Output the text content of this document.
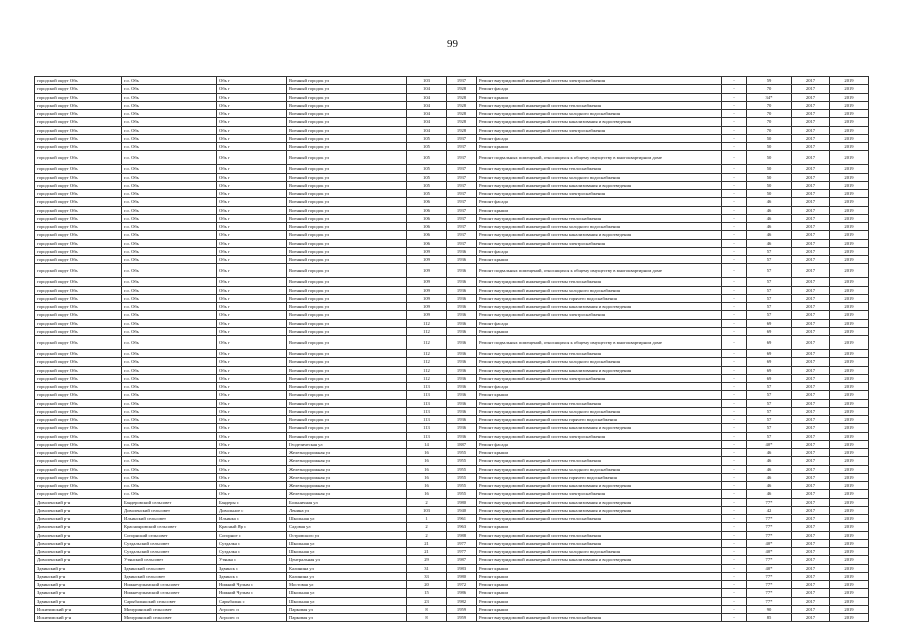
99
городской округ Обь	г.о. Обь	Обь г	Военный городок ул	103	1937	Ремонт внутридомовой инженерной системы электроснабжения	-	59	2017	2019
городской округ Обь	г.о. Обь	Обь г	Военный городок ул	104	1928	Ремонт фасада	-	70	2017	2019
городской округ Обь	г.о. Обь	Обь г	Военный городок ул	104	1928	Ремонт крыши	-	34*	2017	2019
городской округ Обь	г.о. Обь	Обь г	Военный городок ул	104	1928	Ремонт внутридомовой инженерной системы теплоснабжения	-	70	2017	2019
городской округ Обь	г.о. Обь	Обь г	Военный городок ул	104	1928	Ремонт внутридомовой инженерной системы холодного водоснабжения	-	70	2017	2019
городской округ Обь	г.о. Обь	Обь г	Военный городок ул	104	1928	Ремонт внутридомовой инженерной системы канализования и водоотведения	-	70	2017	2019
городской округ Обь	г.о. Обь	Обь г	Военный городок ул	104	1928	Ремонт внутридомовой инженерной системы электроснабжения	-	70	2017	2019
городской округ Обь	г.о. Обь	Обь г	Военный городок ул	105	1937	Ремонт фасада	-	50	2017	2019
городской округ Обь	г.о. Обь	Обь г	Военный городок ул	105	1937	Ремонт крыши	-	50	2017	2019
городской округ Обь	г.о. Обь	Обь г	Военный городок ул	105	1937	Ремонт подвальных помещений, относящихся к общему имуществу в многоквартирном доме	-	50	2017	2019
городской округ Обь	г.о. Обь	Обь г	Военный городок ул	105	1937	Ремонт внутридомовой инженерной системы теплоснабжения	-	50	2017	2019
городской округ Обь	г.о. Обь	Обь г	Военный городок ул	105	1937	Ремонт внутридомовой инженерной системы холодного водоснабжения	-	50	2017	2019
городской округ Обь	г.о. Обь	Обь г	Военный городок ул	105	1937	Ремонт внутридомовой инженерной системы канализования и водоотведения	-	50	2017	2019
городской округ Обь	г.о. Обь	Обь г	Военный городок ул	105	1937	Ремонт внутридомовой инженерной системы электроснабжения	-	50	2017	2019
городской округ Обь	г.о. Обь	Обь г	Военный городок ул	106	1937	Ремонт фасада	-	46	2017	2019
городской округ Обь	г.о. Обь	Обь г	Военный городок ул	106	1937	Ремонт крыши	-	46	2017	2019
городской округ Обь	г.о. Обь	Обь г	Военный городок ул	106	1937	Ремонт внутридомовой инженерной системы теплоснабжения	-	46	2017	2019
городской округ Обь	г.о. Обь	Обь г	Военный городок ул	106	1937	Ремонт внутридомовой инженерной системы холодного водоснабжения	-	46	2017	2019
городской округ Обь	г.о. Обь	Обь г	Военный городок ул	106	1937	Ремонт внутридомовой инженерной системы канализования и водоотведения	-	46	2017	2019
городской округ Обь	г.о. Обь	Обь г	Военный городок ул	106	1937	Ремонт внутридомовой инженерной системы электроснабжения	-	46	2017	2019
городской округ Обь	г.о. Обь	Обь г	Военный городок ул	109	1936	Ремонт фасада	-	57	2017	2019
городской округ Обь	г.о. Обь	Обь г	Военный городок ул	109	1936	Ремонт крыши	-	57	2017	2019
городской округ Обь	г.о. Обь	Обь г	Военный городок ул	109	1936	Ремонт подвальных помещений, относящихся к общему имуществу в многоквартирном доме	-	57	2017	2019
городской округ Обь	г.о. Обь	Обь г	Военный городок ул	109	1936	Ремонт внутридомовой инженерной системы теплоснабжения	-	57	2017	2019
городской округ Обь	г.о. Обь	Обь г	Военный городок ул	109	1936	Ремонт внутридомовой инженерной системы холодного водоснабжения	-	57	2017	2019
городской округ Обь	г.о. Обь	Обь г	Военный городок ул	109	1936	Ремонт внутридомовой инженерной системы горячего водоснабжения	-	57	2017	2019
городской округ Обь	г.о. Обь	Обь г	Военный городок ул	109	1936	Ремонт внутридомовой инженерной системы канализования и водоотведения	-	57	2017	2019
городской округ Обь	г.о. Обь	Обь г	Военный городок ул	109	1936	Ремонт внутридомовой инженерной системы электроснабжения	-	57	2017	2019
городской округ Обь	г.о. Обь	Обь г	Военный городок ул	112	1936	Ремонт фасада	-	69	2017	2019
городской округ Обь	г.о. Обь	Обь г	Военный городок ул	112	1936	Ремонт крыши	-	69	2017	2019
городской округ Обь	г.о. Обь	Обь г	Военный городок ул	112	1936	Ремонт подвальных помещений, относящихся к общему имуществу в многоквартирном доме	-	69	2017	2019
городской округ Обь	г.о. Обь	Обь г	Военный городок ул	112	1936	Ремонт внутридомовой инженерной системы теплоснабжения	-	69	2017	2019
городской округ Обь	г.о. Обь	Обь г	Военный городок ул	112	1936	Ремонт внутридомовой инженерной системы холодного водоснабжения	-	69	2017	2019
городской округ Обь	г.о. Обь	Обь г	Военный городок ул	112	1936	Ремонт внутридомовой инженерной системы канализования и водоотведения	-	69	2017	2019
городской округ Обь	г.о. Обь	Обь г	Военный городок ул	112	1936	Ремонт внутридомовой инженерной системы электроснабжения	-	69	2017	2019
городской округ Обь	г.о. Обь	Обь г	Военный городок ул	113	1936	Ремонт фасада	-	57	2017	2019
городской округ Обь	г.о. Обь	Обь г	Военный городок ул	113	1936	Ремонт крыши	-	57	2017	2019
городской округ Обь	г.о. Обь	Обь г	Военный городок ул	113	1936	Ремонт внутридомовой инженерной системы теплоснабжения	-	57	2017	2019
городской округ Обь	г.о. Обь	Обь г	Военный городок ул	113	1936	Ремонт внутридомовой инженерной системы холодного водоснабжения	-	57	2017	2019
городской округ Обь	г.о. Обь	Обь г	Военный городок ул	113	1936	Ремонт внутридомовой инженерной системы горячего водоснабжения	-	57	2017	2019
городской округ Обь	г.о. Обь	Обь г	Военный городок ул	113	1936	Ремонт внутридомовой инженерной системы канализования и водоотведения	-	57	2017	2019
городской округ Обь	г.о. Обь	Обь г	Военный городок ул	113	1936	Ремонт внутридомовой инженерной системы электроснабжения	-	57	2017	2019
городской округ Обь	г.о. Обь	Обь г	Геодезическая ул	14	1887	Ремонт фасада	-	40*	2017	2019
городской округ Обь	г.о. Обь	Обь г	Железнодорожная ул	16	1955	Ремонт крыши	-	46	2017	2019
городской округ Обь	г.о. Обь	Обь г	Железнодорожная ул	16	1955	Ремонт внутридомовой инженерной системы теплоснабжения	-	46	2017	2019
городской округ Обь	г.о. Обь	Обь г	Железнодорожная ул	16	1955	Ремонт внутридомовой инженерной системы холодного водоснабжения	-	46	2017	2019
городской округ Обь	г.о. Обь	Обь г	Железнодорожная ул	16	1955	Ремонт внутридомовой инженерной системы горячего водоснабжения	-	46	2017	2019
городской округ Обь	г.о. Обь	Обь г	Железнодорожная ул	16	1955	Ремонт внутридомовой инженерной системы канализования и водоотведения	-	46	2017	2019
городской округ Обь	г.о. Обь	Обь г	Железнодорожная ул	16	1955	Ремонт внутридомовой инженерной системы электроснабжения	-	46	2017	2019
Доволенский р-н	Баядеровский сельсовет	Баядеры с	Больничная ул	2	1980	Ремонт внутридомовой инженерной системы канализования и водоотведения	-	77*	2017	2019
Доволенский р-н	Доволенский сельсовет	Довольное с	Ленина ул	103	1940	Ремонт внутридомовой инженерной системы канализования и водоотведения	-	42	2017	2019
Доволенский р-н	Ильинский сельсовет	Ильинка с	Школьная ул	1	1961	Ремонт внутридомовой инженерной системы теплоснабжения	-	77*	2017	2019
Доволенский р-н	Краснояровский сельсовет	Красный Яр с	Садовая ул	2	1963	Ремонт крыши	-	77*	2017	2019
Доволенский р-н	Согорнский сельсовет	Согорное с	Островского ул	2	1988	Ремонт внутридомовой инженерной системы теплоснабжения	-	77*	2017	2019
Доволенский р-н	Суздальский сельсовет	Суздалка с	Школьная ул	21	1977	Ремонт внутридомовой инженерной системы теплоснабжения	-	40*	2017	2019
Доволенский р-н	Суздальский сельсовет	Суздалка с	Школьная ул	21	1977	Ремонт внутридомовой инженерной системы холодного водоснабжения	-	40*	2017	2019
Доволенский р-н	Утянский сельсовет	Утянка с	Центральная ул	29	1987	Ремонт внутридомовой инженерной системы канализования и водоотведения	-	77*	2017	2019
Здвинский р-н	Здвинский сельсовет	Здвинск с	Калинина ул	31	1983	Ремонт крыши	-	40*	2017	2019
Здвинский р-н	Здвинский сельсовет	Здвинск с	Калинина ул	33	1980	Ремонт крыши	-	77*	2017	2019
Здвинский р-н	Нижнечулымский сельсовет	Нижний Чулым с	Мостовая ул	20	1972	Ремонт крыши	-	77*	2017	2019
Здвинский р-н	Нижнечулымский сельсовет	Нижний Чулым с	Школьная ул	15	1986	Ремонт крыши	-	77*	2017	2019
Здвинский р-н	Сарыбалыкский сельсовет	Сарыбалык с	Школьная ул	23	1982	Ремонт крыши	-	77*	2017	2019
Искитимский р-н	Мичуринский сельсовет	Агролес п	Парковая ул	8	1959	Ремонт крыши	-	90	2017	2019
Искитимский р-н	Мичуринский сельсовет	Агролес п	Парковая ул	8	1959	Ремонт внутридомовой инженерной системы теплоснабжения	-	85	2017	2019
